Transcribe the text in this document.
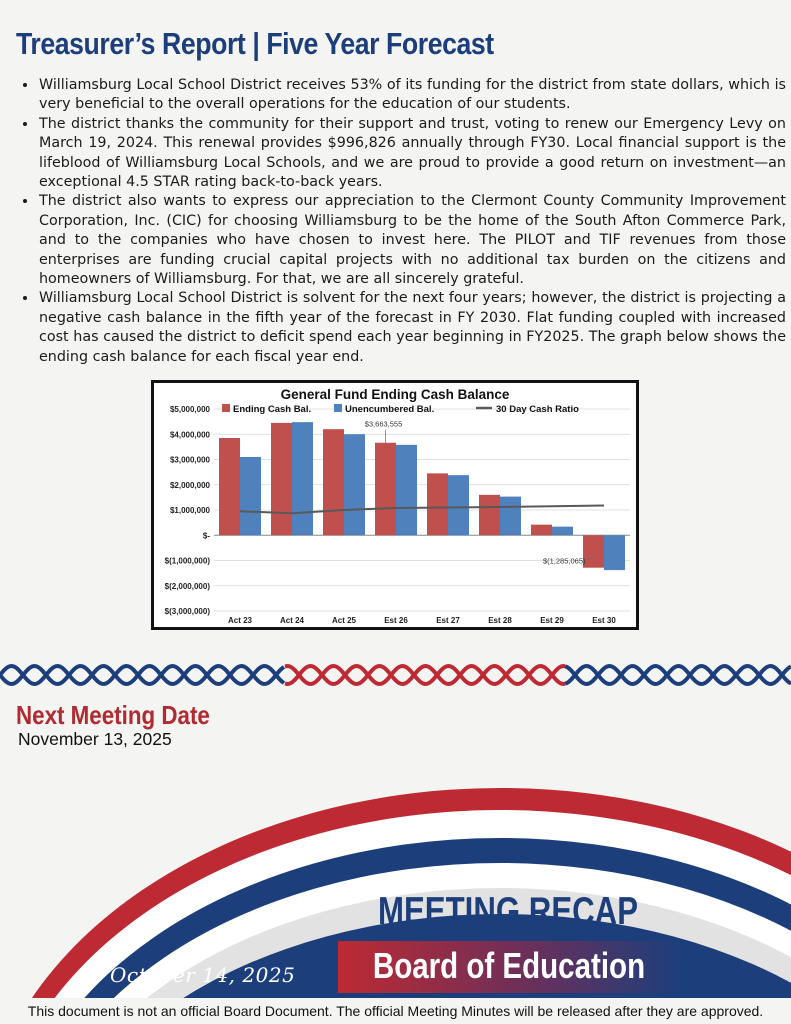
Treasurer’s Report | Five Year Forecast
• Williamsburg Local School District receives 53% of its funding for the district from state dollars, which is very beneficial to the overall operations for the education of our students.
• The district thanks the community for their support and trust, voting to renew our Emergency Levy on March 19, 2024. This renewal provides $996,826 annually through FY30. Local financial support is the lifeblood of Williamsburg Local Schools, and we are proud to provide a good return on investment—an exceptional 4.5 STAR rating back-to-back years.
• The district also wants to express our appreciation to the Clermont County Community Improvement Corporation, Inc. (CIC) for choosing Williamsburg to be the home of the South Afton Commerce Park, and to the companies who have chosen to invest here. The PILOT and TIF revenues from those enterprises are funding crucial capital projects with no additional tax burden on the citizens and homeowners of Williamsburg. For that, we are all sincerely grateful.
• Williamsburg Local School District is solvent for the next four years; however, the district is projecting a negative cash balance in the fifth year of the forecast in FY 2030. Flat funding coupled with increased cost has caused the district to deficit spend each year beginning in FY2025. The graph below shows the ending cash balance for each fiscal year end.
General Fund Ending Cash Balance
$5,000,000
$4,000,000
$3,000,000
$2,000,000
$1,000,000
$-
$(1,000,000)
$(2,000,000)
$(3,000,000)
Act 23	Act 24	Act 25	Est 26	Est 27	Est 28	Est 29	Est 30
$3,663,555
$(1,285,065)
Ending Cash Bal.	Unencumbered Bal.	30 Day Cash Ratio
Next Meeting Date
November 13, 2025
MEETING RECAP
Board of Education
October 14, 2025
This document is not an official Board Document. The official Meeting Minutes will be released after they are approved.
